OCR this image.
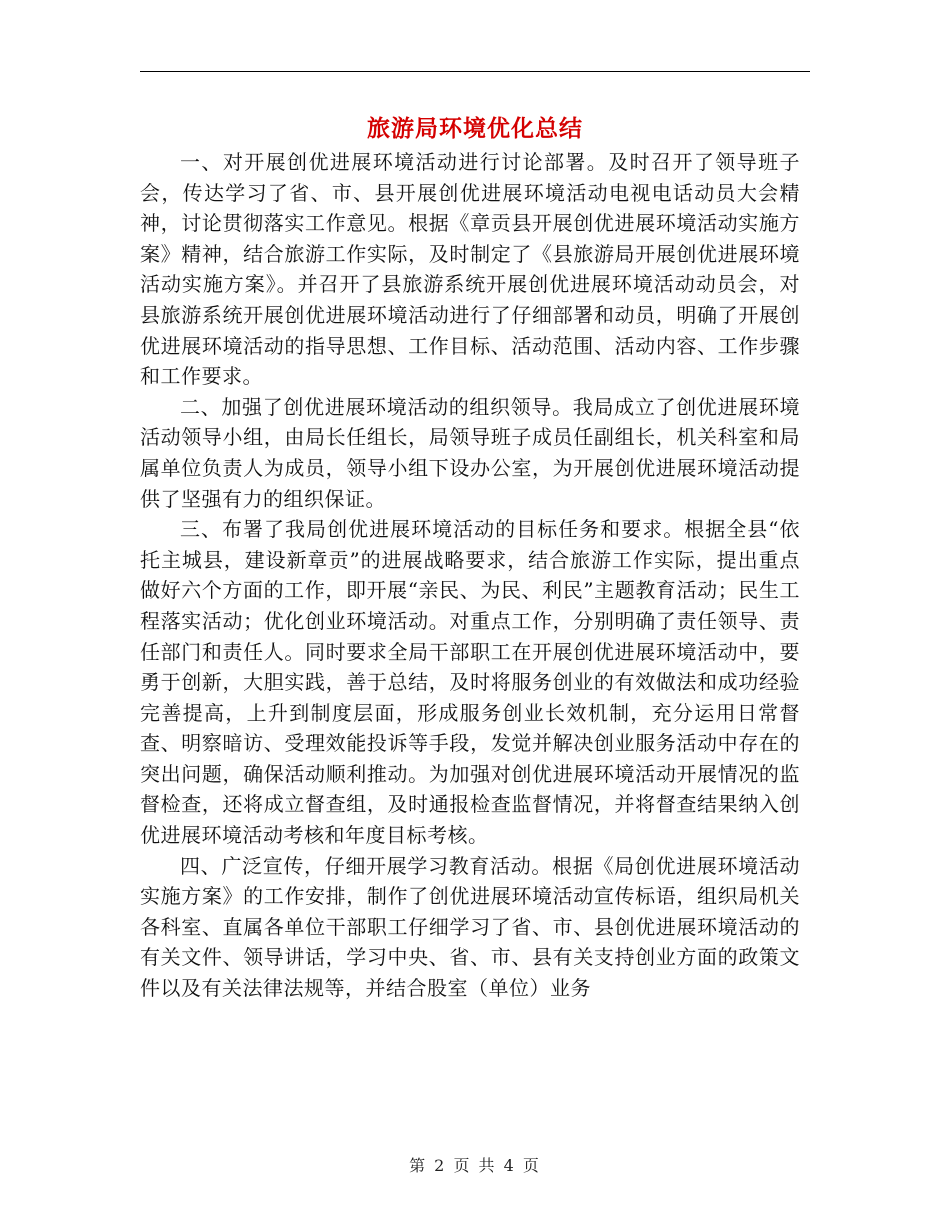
旅游局环境优化总结

一、对开展创优进展环境活动进行讨论部署。及时召开了领导班子会，传达学习了省、市、县开展创优进展环境活动电视电话动员大会精神，讨论贯彻落实工作意见。根据《章贡县开展创优进展环境活动实施方案》精神，结合旅游工作实际，及时制定了《县旅游局开展创优进展环境活动实施方案》。并召开了县旅游系统开展创优进展环境活动动员会，对县旅游系统开展创优进展环境活动进行了仔细部署和动员，明确了开展创优进展环境活动的指导思想、工作目标、活动范围、活动内容、工作步骤和工作要求。

二、加强了创优进展环境活动的组织领导。我局成立了创优进展环境活动领导小组，由局长任组长，局领导班子成员任副组长，机关科室和局属单位负责人为成员，领导小组下设办公室，为开展创优进展环境活动提供了坚强有力的组织保证。

三、布署了我局创优进展环境活动的目标任务和要求。根据全县“依托主城县，建设新章贡”的进展战略要求，结合旅游工作实际，提出重点做好六个方面的工作，即开展“亲民、为民、利民”主题教育活动；民生工程落实活动；优化创业环境活动。对重点工作，分别明确了责任领导、责任部门和责任人。同时要求全局干部职工在开展创优进展环境活动中，要勇于创新，大胆实践，善于总结，及时将服务创业的有效做法和成功经验完善提高，上升到制度层面，形成服务创业长效机制，充分运用日常督查、明察暗访、受理效能投诉等手段，发觉并解决创业服务活动中存在的突出问题，确保活动顺利推动。为加强对创优进展环境活动开展情况的监督检查，还将成立督查组，及时通报检查监督情况，并将督查结果纳入创优进展环境活动考核和年度目标考核。

四、广泛宣传，仔细开展学习教育活动。根据《局创优进展环境活动实施方案》的工作安排，制作了创优进展环境活动宣传标语，组织局机关各科室、直属各单位干部职工仔细学习了省、市、县创优进展环境活动的有关文件、领导讲话，学习中央、省、市、县有关支持创业方面的政策文件以及有关法律法规等，并结合股室（单位）业务

第 2 页 共 4 页
